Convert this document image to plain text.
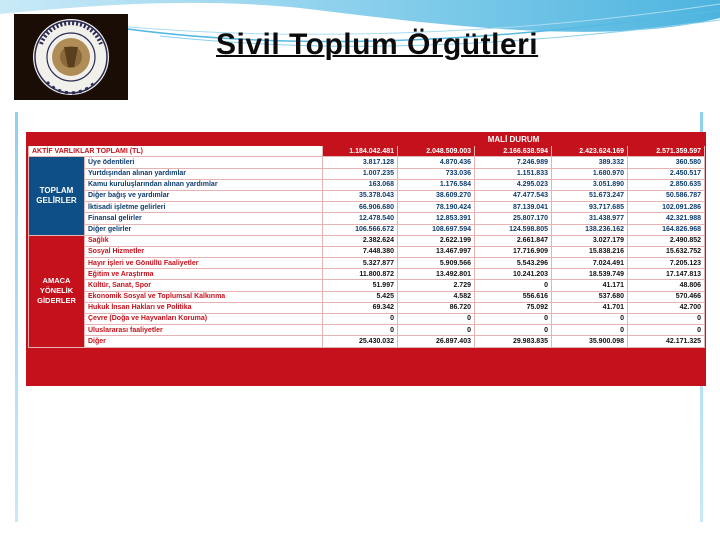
Sivil Toplum Örgütleri
		MALİ DURUM				
AKTİF VARLIKLAR TOPLAMI (TL)		1.184.042.481	2.048.509.003	2.166.638.594	2.423.624.169	2.571.359.597
TOPLAM GELİRLER	Üye ödentileri	3.817.128	4.870.436	7.246.989	389.332	360.580
	Yurtdışından alınan yardımlar	1.007.235	733.036	1.151.833	1.680.970	2.450.517
	Kamu kuruluşlarından alınan yardımlar	163.068	1.176.584	4.295.023	3.051.890	2.850.635
	Diğer bağış ve yardımlar	35.378.043	38.609.270	47.477.543	51.673.247	50.586.787
	İktisadi işletme gelirleri	66.906.680	78.190.424	87.139.041	93.717.685	102.091.286
	Finansal gelirler	12.478.540	12.853.391	25.807.170	31.438.977	42.321.988
	Diğer gelirler	106.566.672	108.697.594	124.598.805	138.236.162	164.826.968
AMACA YÖNELİK GİDERLER	Sağlık	2.382.624	2.622.199	2.661.847	3.027.179	2.490.852
	Sosyal Hizmetler	7.448.380	13.467.997	17.716.909	15.838.216	15.632.752
	Hayır işleri ve Gönüllü Faaliyetler	5.327.877	5.909.566	5.543.296	7.024.491	7.205.123
	Eğitim ve Araştırma	11.800.872	13.492.801	10.241.203	18.539.749	17.147.813
	Kültür, Sanat, Spor	51.997	2.729	0	41.171	48.806
	Ekonomik Sosyal ve Toplumsal Kalkınma	5.425	4.582	556.616	537.680	570.466
	Hukuk İnsan Hakları ve Politika	69.342	86.720	75.092	41.701	42.700
	Çevre (Doğa ve Hayvanları Koruma)	0	0	0	0	0
	Uluslararası faaliyetler	0	0	0	0	0
	Diğer	25.430.032	26.897.403	29.983.835	35.900.098	42.171.325
